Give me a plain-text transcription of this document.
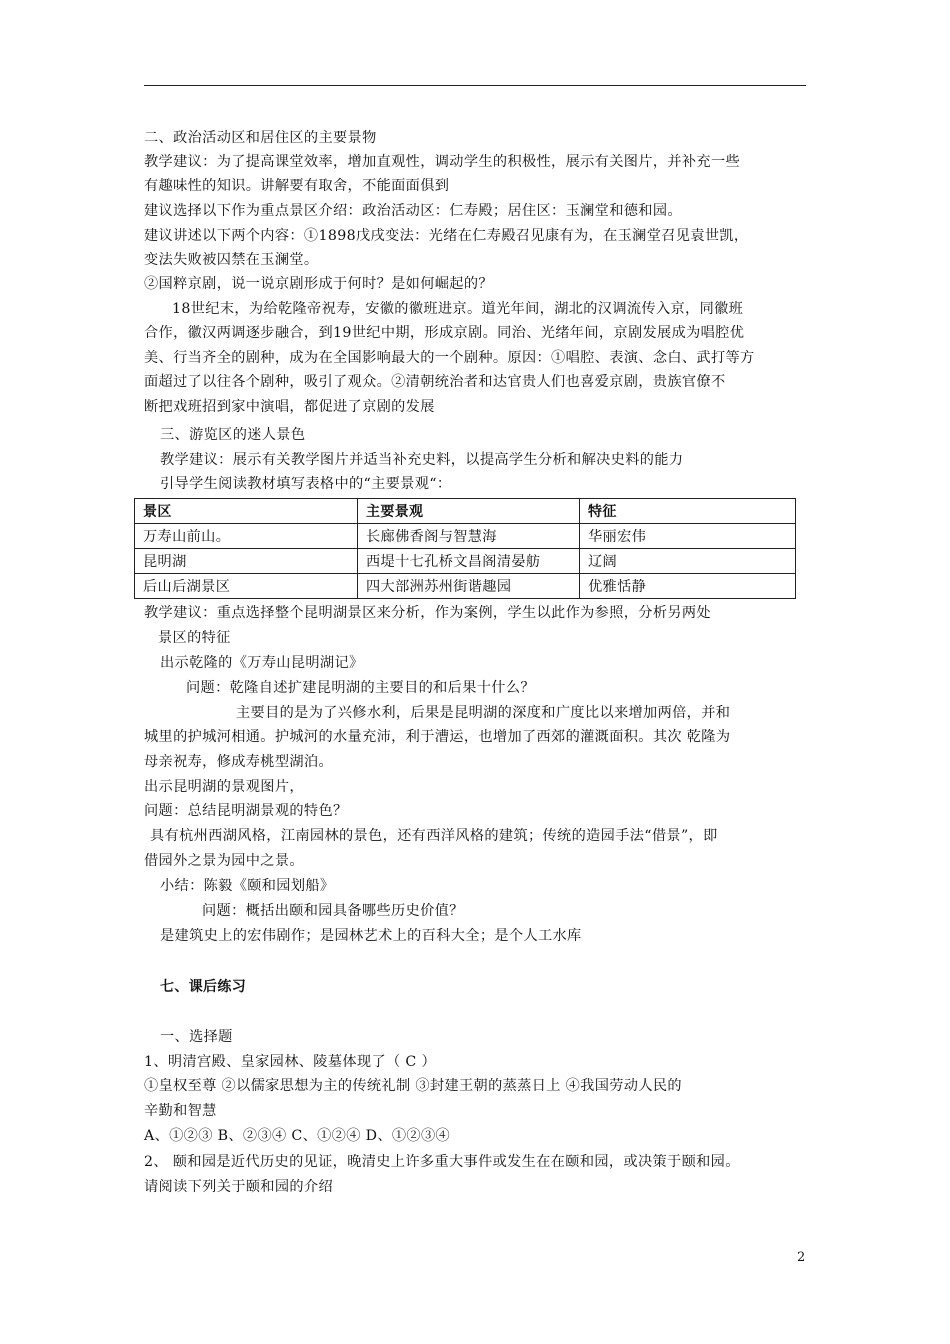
二、政治活动区和居住区的主要景物
教学建议：为了提高课堂效率，增加直观性，调动学生的积极性，展示有关图片，并补充一些
有趣味性的知识。讲解要有取舍，不能面面俱到
建议选择以下作为重点景区介绍：政治活动区：仁寿殿；居住区：玉澜堂和德和园。
建议讲述以下两个内容：①1898戊戌变法：光绪在仁寿殿召见康有为，在玉澜堂召见袁世凯，
变法失败被囚禁在玉澜堂。
②国粹京剧，说一说京剧形成于何时？是如何崛起的？
18世纪末，为给乾隆帝祝寿，安徽的徽班进京。道光年间，湖北的汉调流传入京，同徽班
合作，徽汉两调逐步融合，到19世纪中期，形成京剧。同治、光绪年间，京剧发展成为唱腔优
美、行当齐全的剧种，成为在全国影响最大的一个剧种。原因：①唱腔、表演、念白、武打等方
面超过了以往各个剧种，吸引了观众。②清朝统治者和达官贵人们也喜爱京剧，贵族官僚不
断把戏班招到家中演唱，都促进了京剧的发展
三、游览区的迷人景色
教学建议：展示有关教学图片并适当补充史料，以提高学生分析和解决史料的能力
引导学生阅读教材填写表格中的“主要景观“：
景区	主要景观	特征
万寿山前山。	长廊佛香阁与智慧海	华丽宏伟
昆明湖	西堤十七孔桥文昌阁清晏舫	辽阔
后山后湖景区	四大部洲苏州街谐趣园	优雅恬静
教学建议：重点选择整个昆明湖景区来分析，作为案例，学生以此作为参照，分析另两处
景区的特征
出示乾隆的《万寿山昆明湖记》
问题：乾隆自述扩建昆明湖的主要目的和后果十什么？
主要目的是为了兴修水利，后果是昆明湖的深度和广度比以来增加两倍，并和
城里的护城河相通。护城河的水量充沛，利于漕运，也增加了西郊的灌溉面积。其次 乾隆为
母亲祝寿，修成寿桃型湖泊。
出示昆明湖的景观图片，
问题：总结昆明湖景观的特色？
具有杭州西湖风格，江南园林的景色，还有西洋风格的建筑；传统的造园手法“借景”，即
借园外之景为园中之景。
小结：陈毅《颐和园划船》
问题：概括出颐和园具备哪些历史价值？
是建筑史上的宏伟剧作；是园林艺术上的百科大全；是个人工水库
七、课后练习
一、选择题
1、明清宫殿、皇家园林、陵墓体现了（ C ）
①皇权至尊 ②以儒家思想为主的传统礼制 ③封建王朝的蒸蒸日上 ④我国劳动人民的
辛勤和智慧
A、①②③ B、②③④ C、①②④ D、①②③④
2、 颐和园是近代历史的见证，晚清史上许多重大事件或发生在在颐和园，或决策于颐和园。
请阅读下列关于颐和园的介绍
2
